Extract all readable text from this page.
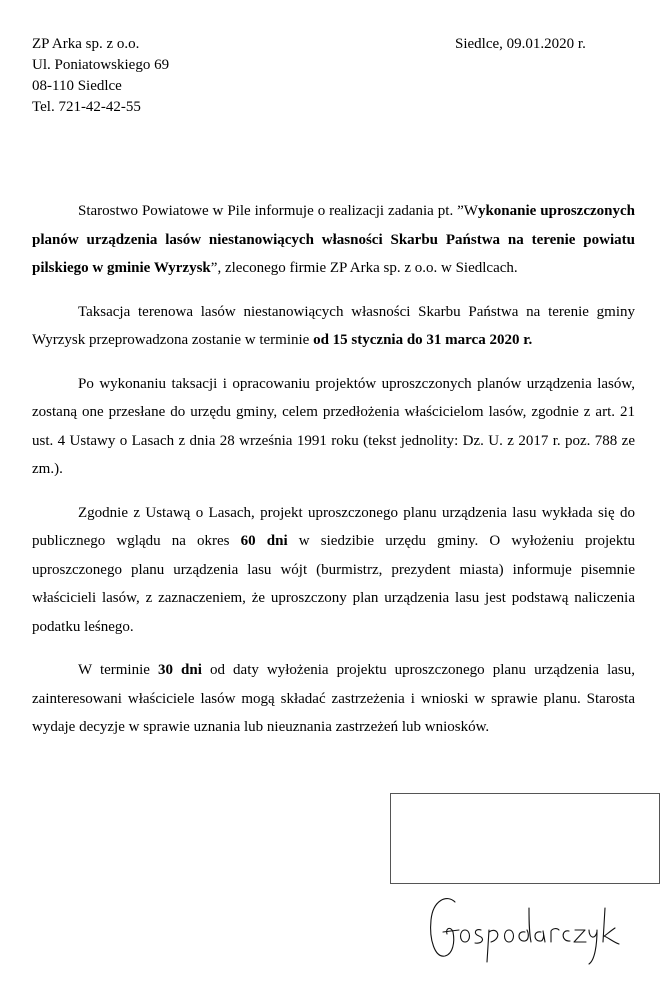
ZP Arka sp. z o.o.
Ul. Poniatowskiego 69
08-110 Siedlce
Tel. 721-42-42-55
Siedlce, 09.01.2020 r.

Starostwo Powiatowe w Pile informuje o realizacji zadania pt. ”Wykonanie uproszczonych planów urządzenia lasów niestanowiących własności Skarbu Państwa na terenie powiatu pilskiego w gminie Wyrzysk”, zleconego firmie ZP Arka sp. z o.o. w Siedlcach.

Taksacja terenowa lasów niestanowiących własności Skarbu Państwa na terenie gminy Wyrzysk przeprowadzona zostanie w terminie od 15 stycznia do 31 marca 2020 r.

Po wykonaniu taksacji i opracowaniu projektów uproszczonych planów urządzenia lasów, zostaną one przesłane do urzędu gminy, celem przedłożenia właścicielom lasów, zgodnie z art. 21 ust. 4 Ustawy o Lasach z dnia 28 września 1991 roku (tekst jednolity: Dz. U. z 2017 r. poz. 788 ze zm.).

Zgodnie z Ustawą o Lasach, projekt uproszczonego planu urządzenia lasu wykłada się do publicznego wglądu na okres 60 dni w siedzibie urzędu gminy. O wyłożeniu projektu uproszczonego planu urządzenia lasu wójt (burmistrz, prezydent miasta) informuje pisemnie właścicieli lasów, z zaznaczeniem, że uproszczony plan urządzenia lasu jest podstawą naliczenia podatku leśnego.

W terminie 30 dni od daty wyłożenia projektu uproszczonego planu urządzenia lasu, zainteresowani właściciele lasów mogą składać zastrzeżenia i wnioski w sprawie planu. Starosta wydaje decyzje w sprawie uznania lub nieuznania zastrzeżeń lub wniosków.
